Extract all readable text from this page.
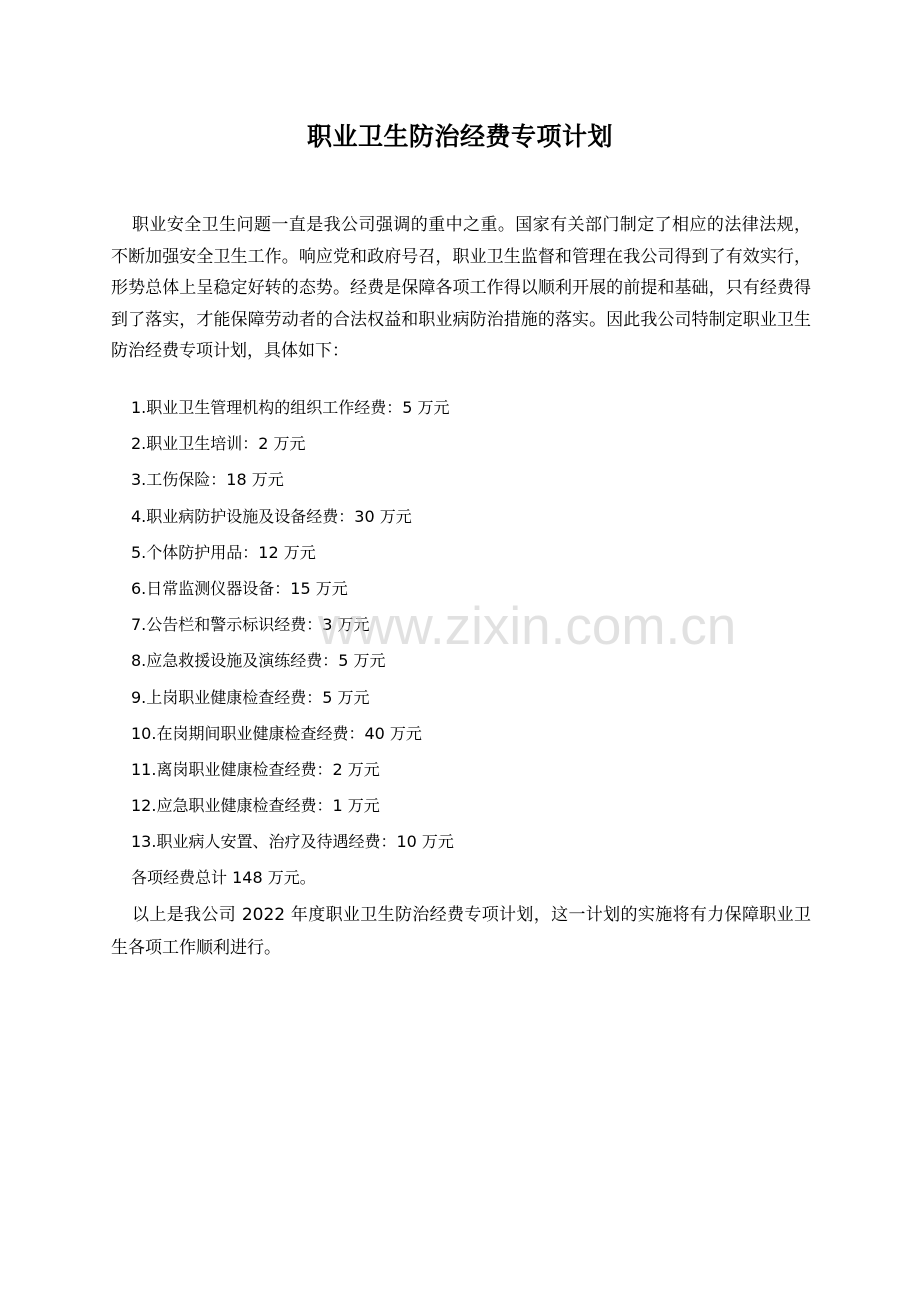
职业卫生防治经费专项计划

职业安全卫生问题一直是我公司强调的重中之重。国家有关部门制定了相应的法律法规，不断加强安全卫生工作。响应党和政府号召，职业卫生监督和管理在我公司得到了有效实行，形势总体上呈稳定好转的态势。经费是保障各项工作得以顺利开展的前提和基础，只有经费得到了落实，才能保障劳动者的合法权益和职业病防治措施的落实。因此我公司特制定职业卫生防治经费专项计划，具体如下：

1.职业卫生管理机构的组织工作经费：5 万元
2.职业卫生培训：2 万元
3.工伤保险：18 万元
4.职业病防护设施及设备经费：30 万元
5.个体防护用品：12 万元
6.日常监测仪器设备：15 万元
7.公告栏和警示标识经费：3 万元
8.应急救援设施及演练经费：5 万元
9.上岗职业健康检查经费：5 万元
10.在岗期间职业健康检查经费：40 万元
11.离岗职业健康检查经费：2 万元
12.应急职业健康检查经费：1 万元
13.职业病人安置、治疗及待遇经费：10 万元
各项经费总计 148 万元。

以上是我公司 2022 年度职业卫生防治经费专项计划，这一计划的实施将有力保障职业卫生各项工作顺利进行。

www.zixin.com.cn
